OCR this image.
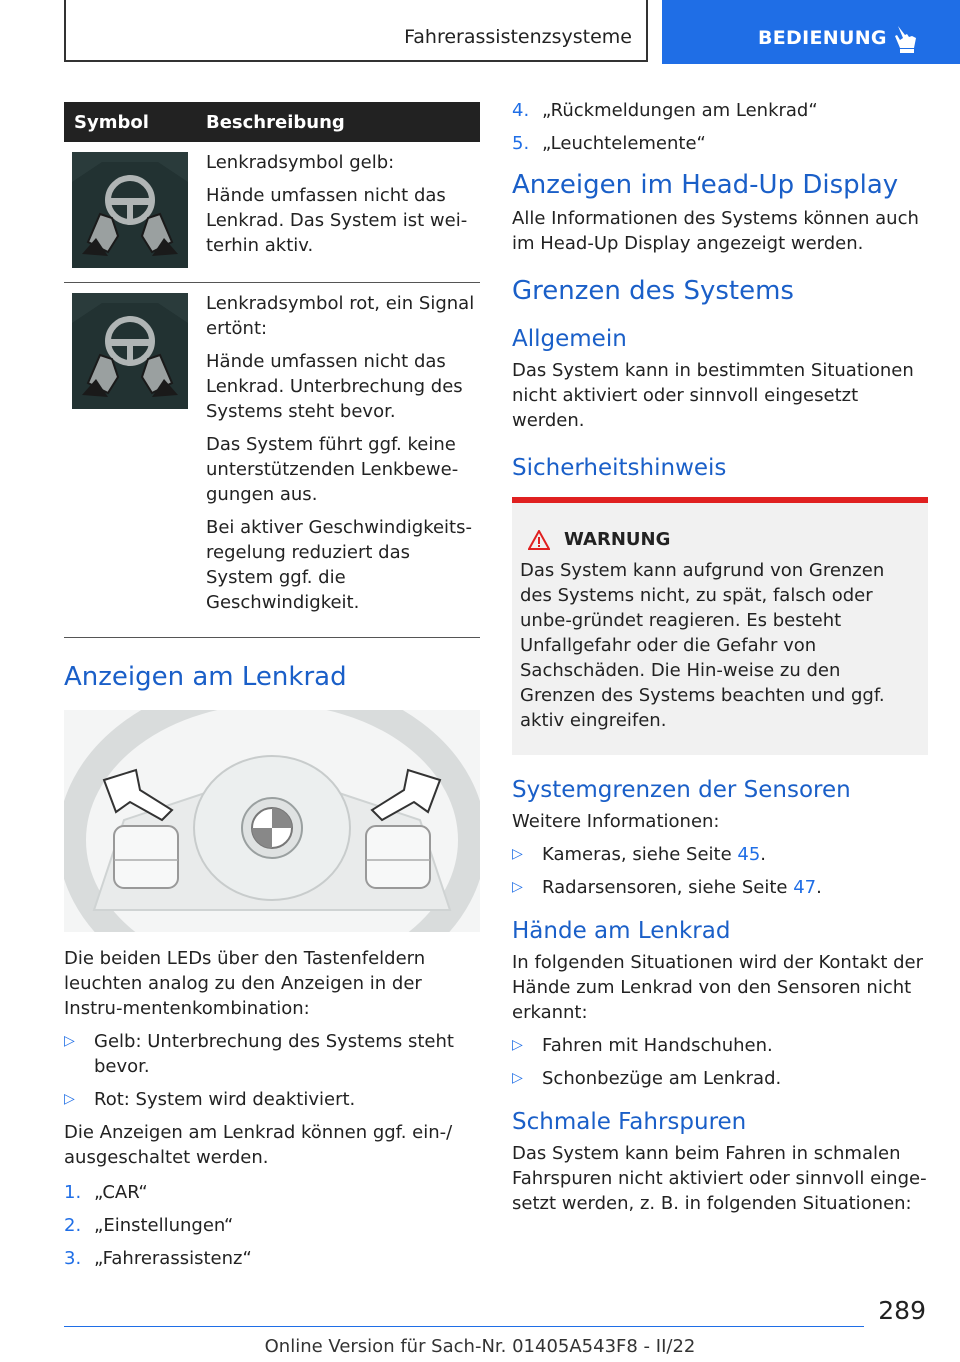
Fahrerassistenzsysteme	BEDIENUNG
Symbol	Beschreibung

Lenkradsymbol gelb:

Hände umfassen nicht das Lenkrad. Das System ist wei-terhin aktiv.

Lenkradsymbol rot, ein Signal ertönt:

Hände umfassen nicht das Lenkrad. Unterbrechung des Systems steht bevor.

Das System führt ggf. keine unterstützenden Lenkbewe-gungen aus.

Bei aktiver Geschwindigkeits-regelung reduziert das System ggf. die Geschwindigkeit.

Anzeigen am Lenkrad

Die beiden LEDs über den Tastenfeldern leuchten analog zu den Anzeigen in der Instru-mentenkombination:

▷ Gelb: Unterbrechung des Systems steht bevor.
▷ Rot: System wird deaktiviert.

Die Anzeigen am Lenkrad können ggf. ein-/ ausgeschaltet werden.

1. „CAR“
2. „Einstellungen“
3. „Fahrerassistenz“
4. „Rückmeldungen am Lenkrad“
5. „Leuchtelemente“
Anzeigen im Head-Up Display

Alle Informationen des Systems können auch im Head-Up Display angezeigt werden.

Grenzen des Systems
Allgemein

Das System kann in bestimmten Situationen nicht aktiviert oder sinnvoll eingesetzt werden.

Sicherheitshinweis
WARNUNG

Das System kann aufgrund von Grenzen des Systems nicht, zu spät, falsch oder unbe-gründet reagieren. Es besteht Unfallgefahr oder die Gefahr von Sachschäden. Die Hin-weise zu den Grenzen des Systems beachten und ggf. aktiv eingreifen.

Systemgrenzen der Sensoren

Weitere Informationen:

▷ Kameras, siehe Seite 45.
▷ Radarsensoren, siehe Seite 47.
Hände am Lenkrad

In folgenden Situationen wird der Kontakt der Hände zum Lenkrad von den Sensoren nicht erkannt:

▷ Fahren mit Handschuhen.
▷ Schonbezüge am Lenkrad.
Schmale Fahrspuren

Das System kann beim Fahren in schmalen Fahrspuren nicht aktiviert oder sinnvoll einge-setzt werden, z. B. in folgenden Situationen:

289
Online Version für Sach-Nr. 01405A543F8 - II/22
